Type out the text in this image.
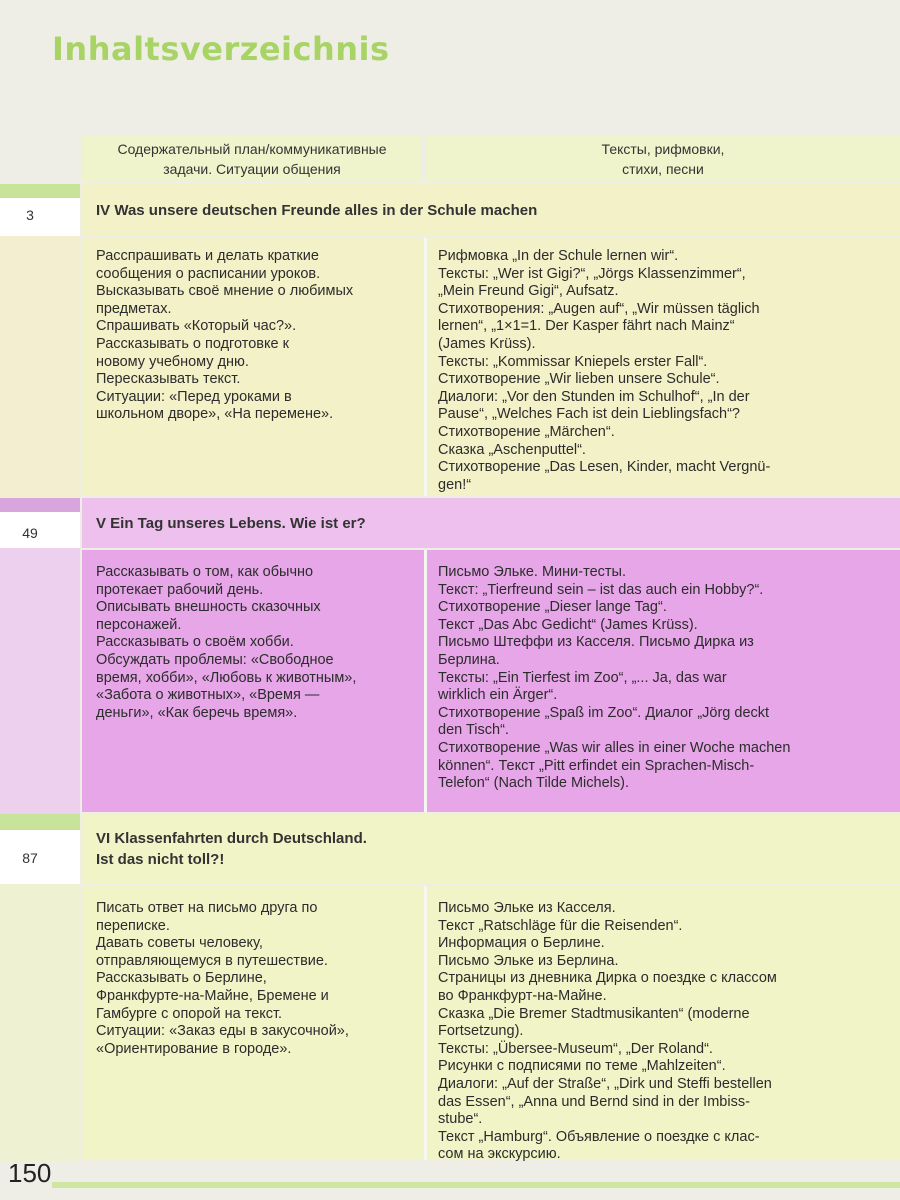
Inhaltsverzeichnis
Содержательный план/коммуникативные
задачи. Ситуации общения
Тексты, рифмовки,
стихи, песни
3
49
87
IV Was unsere deutschen Freunde alles in der Schule machen
Расспрашивать и делать краткие
сообщения о расписании уроков.
Высказывать своё мнение о любимых
предметах.
Спрашивать «Который час?».
Рассказывать о подготовке к
новому учебному дню.
Пересказывать текст.
Ситуации: «Перед уроками в
школьном дворе», «На перемене».
Рифмовка „In der Schule lernen wir“.
Тексты: „Wer ist Gigi?“, „Jörgs Klassenzimmer“,
„Mein Freund Gigi“, Aufsatz.
Стихотворения: „Augen auf“, „Wir müssen täglich
lernen“, „1×1=1. Der Kasper fährt nach Mainz“
(James Krüss).
Тексты: „Kommissar Kniepels erster Fall“.
Стихотворение „Wir lieben unsere Schule“.
Диалоги: „Vor den Stunden im Schulhof“, „In der
Pause“, „Welches Fach ist dein Lieblingsfach“?
Стихотворение „Märchen“.
Сказка „Aschenputtel“.
Стихотворение „Das Lesen, Kinder, macht Vergnü-
gen!“
V Ein Tag unseres Lebens. Wie ist er?
Рассказывать о том, как обычно
протекает рабочий день.
Описывать внешность сказочных
персонажей.
Рассказывать о своём хобби.
Обсуждать проблемы: «Свободное
время, хобби», «Любовь к животным»,
«Забота о животных», «Время —
деньги», «Как беречь время».
Письмо Эльке. Мини-тесты.
Текст: „Tierfreund sein – ist das auch ein Hobby?“.
Стихотворение „Dieser lange Tag“.
Текст „Das Abc Gedicht“ (James Krüss).
Письмо Штеффи из Касселя. Письмо Дирка из
Берлина.
Тексты: „Ein Tierfest im Zoo“, „... Ja, das war
wirklich ein Ärger“.
Стихотворение „Spaß im Zoo“. Диалог „Jörg deckt
den Tisch“.
Стихотворение „Was wir alles in einer Woche machen
können“. Текст „Pitt erfindet ein Sprachen-Misch-
Telefon“ (Nach Tilde Michels).
VI Klassenfahrten durch Deutschland.
Ist das nicht toll?!
Писать ответ на письмо друга по
переписке.
Давать советы человеку,
отправляющемуся в путешествие.
Рассказывать о Берлине,
Франкфурте-на-Майне, Бремене и
Гамбурге с опорой на текст.
Ситуации: «Заказ еды в закусочной»,
«Ориентирование в городе».
Письмо Эльке из Касселя.
Текст „Ratschläge für die Reisenden“.
Информация о Берлине.
Письмо Эльке из Берлина.
Страницы из дневника Дирка о поездке с классом
во Франкфурт-на-Майне.
Сказка „Die Bremer Stadtmusikanten“ (moderne
Fortsetzung).
Тексты: „Übersee-Museum“, „Der Roland“.
Рисунки с подписями по теме „Mahlzeiten“.
Диалоги: „Auf der Straße“, „Dirk und Steffi bestellen
das Essen“, „Anna und Bernd sind in der Imbiss-
stube“.
Текст „Hamburg“. Объявление о поездке с клас-
сом на экскурсию.
150
